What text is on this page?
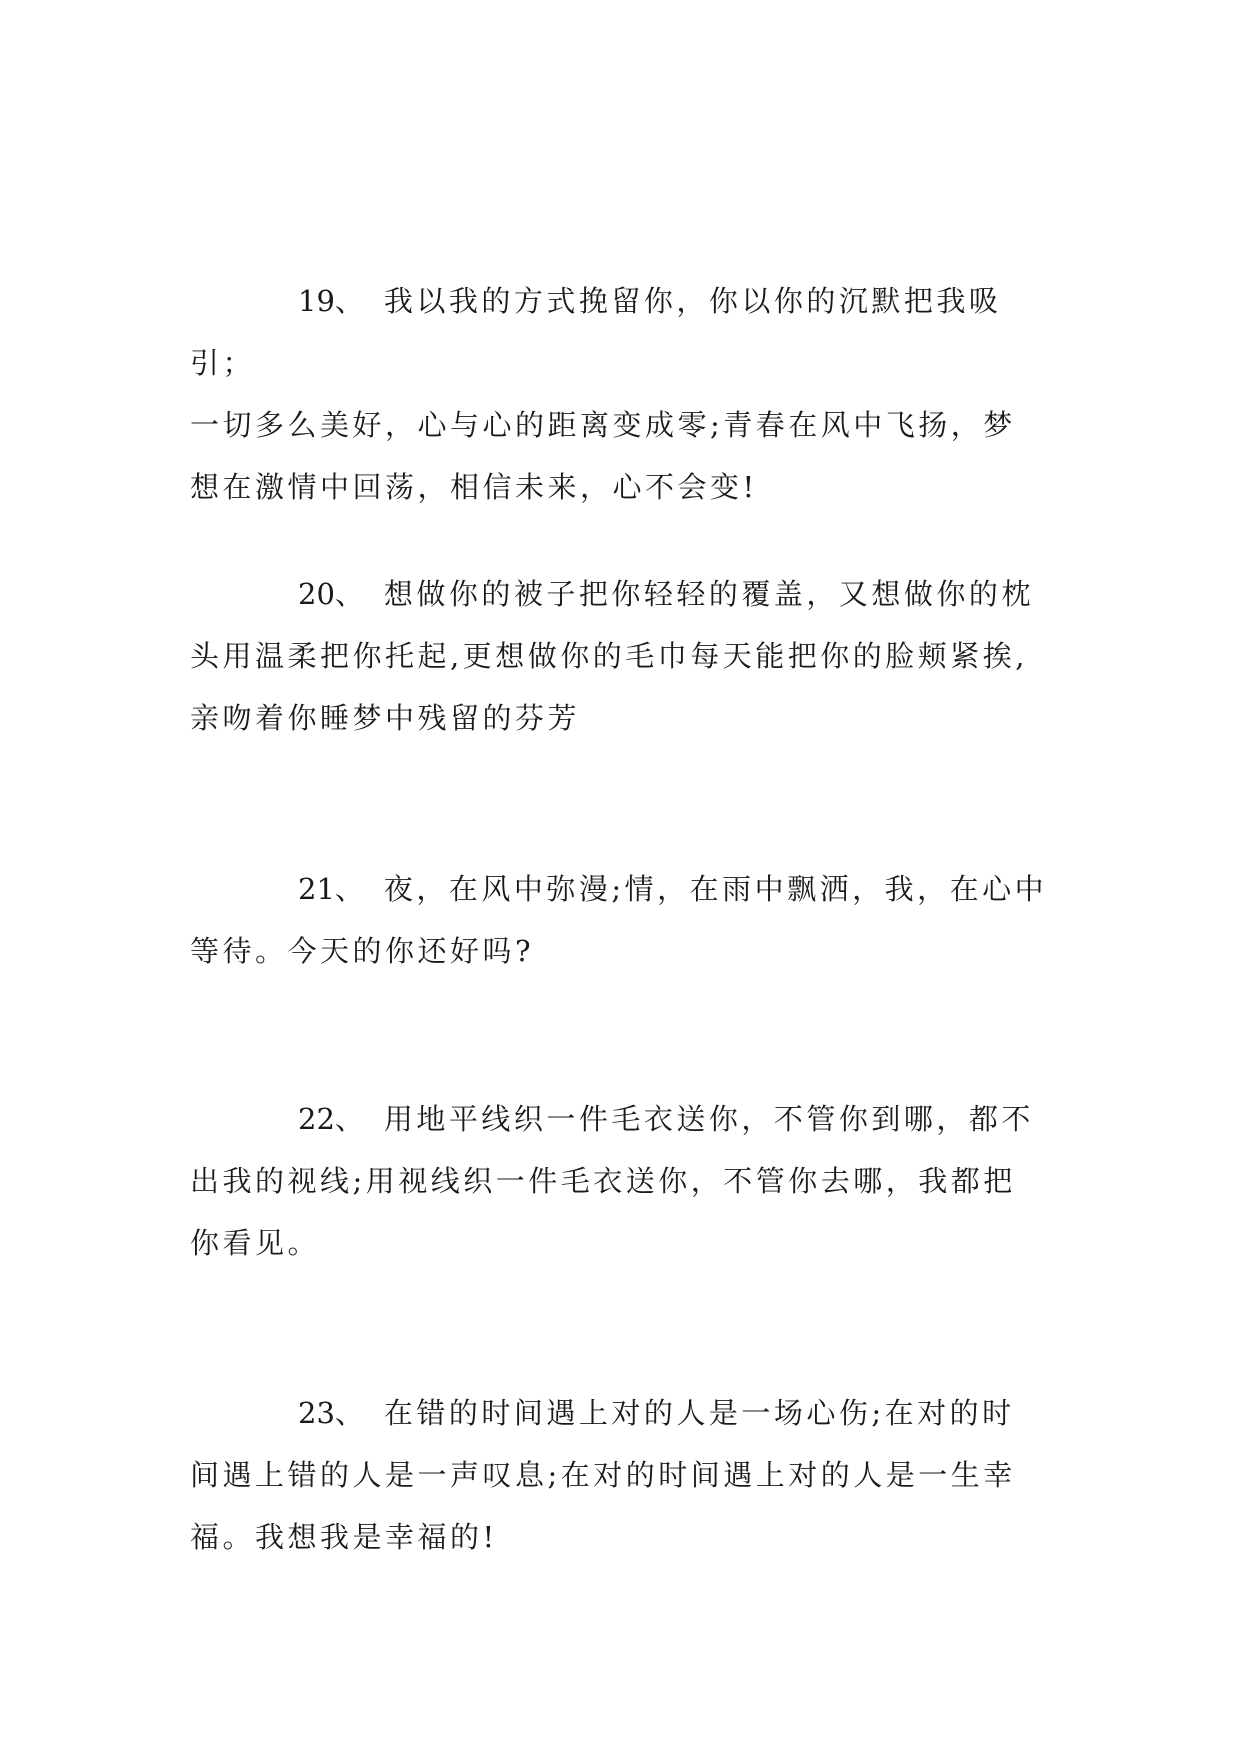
19、 我以我的方式挽留你，你以你的沉默把我吸引；
一切多么美好，心与心的距离变成零;青春在风中飞扬，梦
想在激情中回荡，相信未来，心不会变!

20、 想做你的被子把你轻轻的覆盖，又想做你的枕
头用温柔把你托起,更想做你的毛巾每天能把你的脸颊紧挨,
亲吻着你睡梦中残留的芬芳

21、 夜，在风中弥漫;情，在雨中飘洒，我，在心中
等待。今天的你还好吗?

22、 用地平线织一件毛衣送你，不管你到哪，都不
出我的视线;用视线织一件毛衣送你，不管你去哪，我都把
你看见。

23、 在错的时间遇上对的人是一场心伤;在对的时
间遇上错的人是一声叹息;在对的时间遇上对的人是一生幸
福。我想我是幸福的!
